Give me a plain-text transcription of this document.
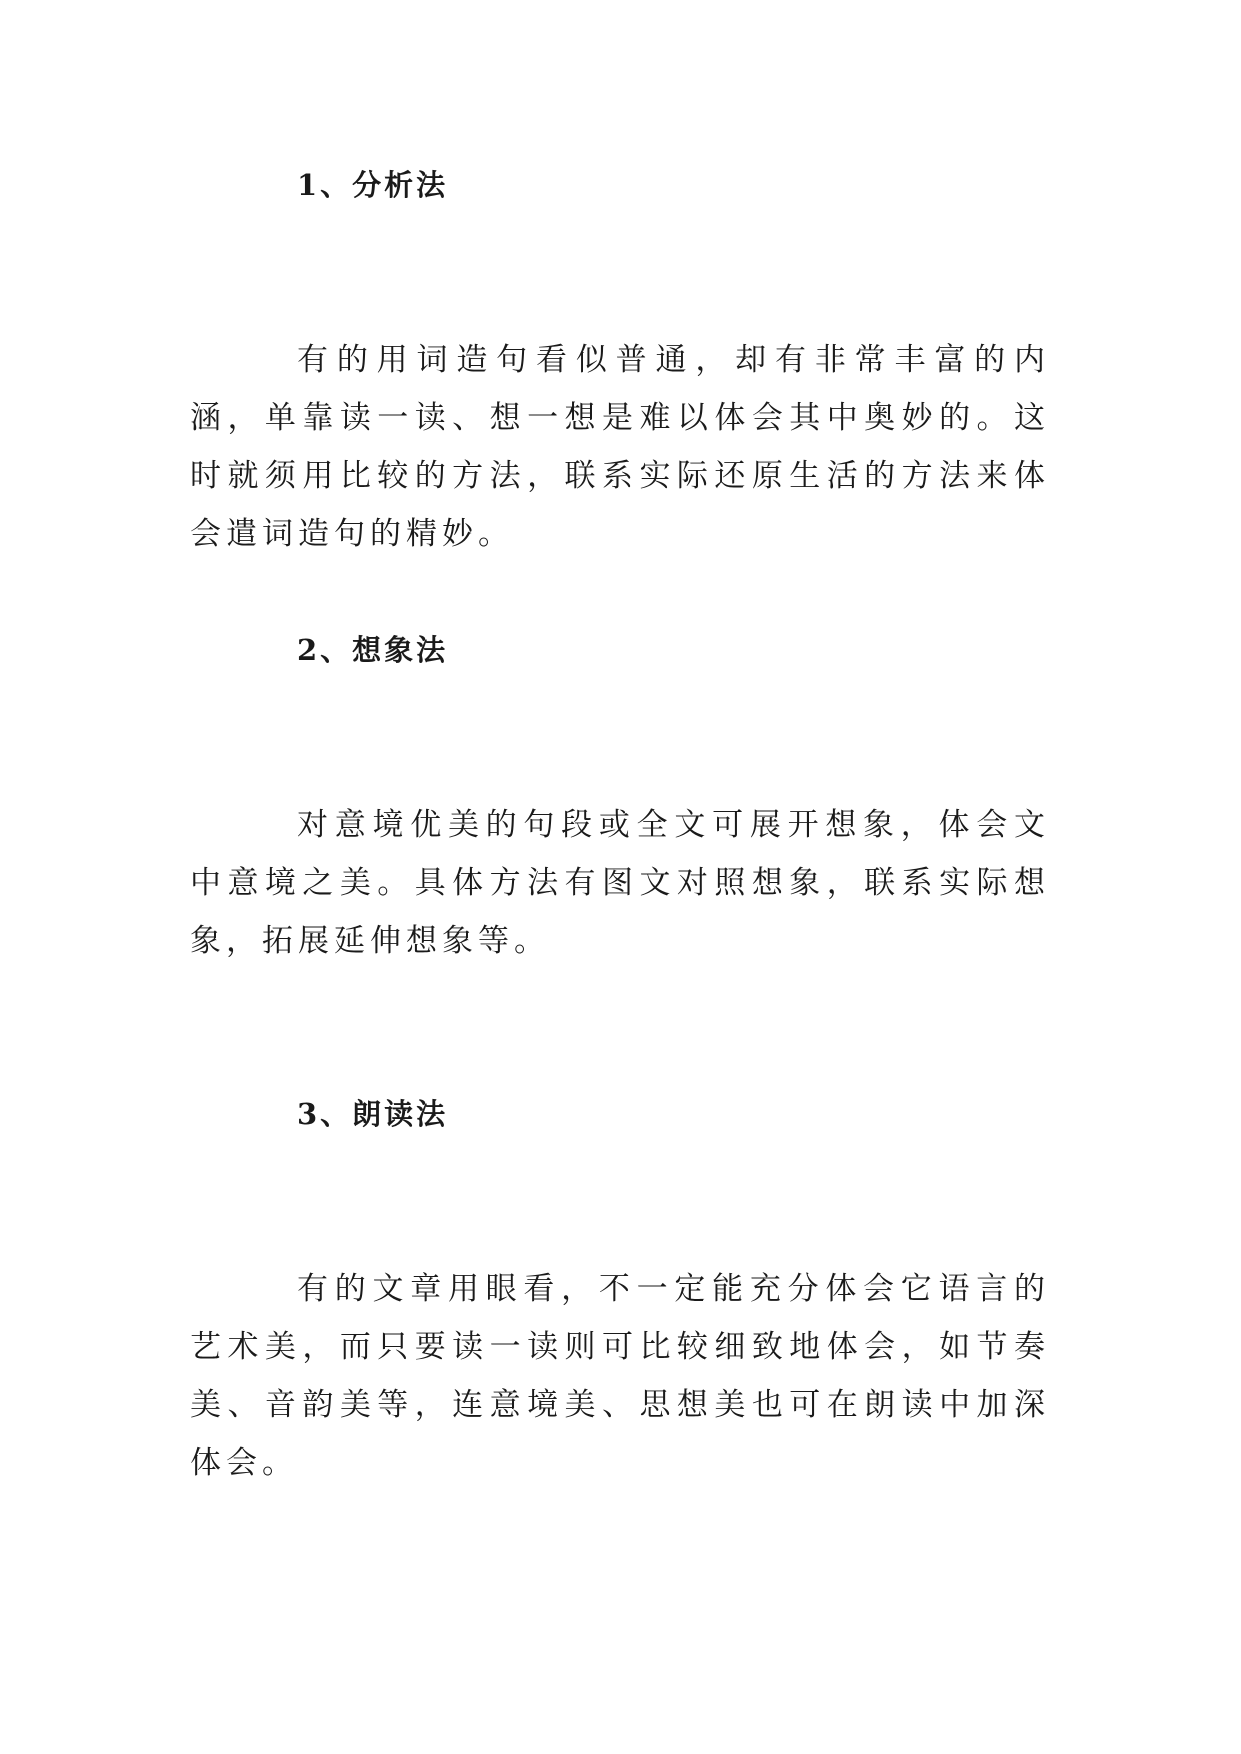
1、分析法

有的用词造句看似普通，却有非常丰富的内涵，单靠读一读、想一想是难以体会其中奥妙的。这时就须用比较的方法，联系实际还原生活的方法来体会遣词造句的精妙。

2、想象法

对意境优美的句段或全文可展开想象，体会文中意境之美。具体方法有图文对照想象，联系实际想象，拓展延伸想象等。

3、朗读法

有的文章用眼看，不一定能充分体会它语言的艺术美，而只要读一读则可比较细致地体会，如节奏美、音韵美等，连意境美、思想美也可在朗读中加深体会。
